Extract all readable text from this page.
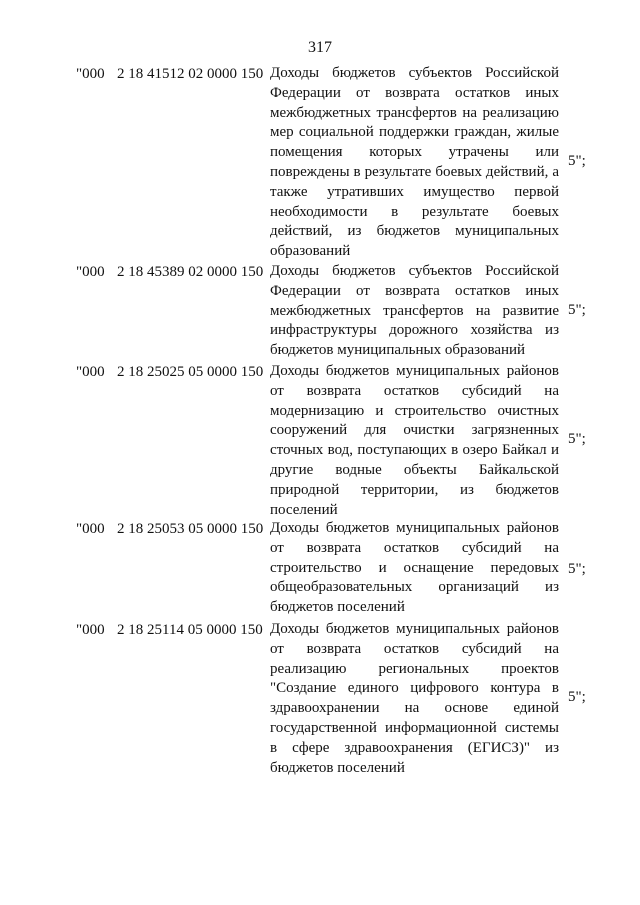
317
"000 2 18 41512 02 0000 150 Доходы бюджетов субъектов Российской
Федерации от возврата остатков иных
межбюджетных трансфертов на реализацию
мер социальной поддержки граждан, жилые
помещения которых утрачены или
повреждены в результате боевых действий, а
также утративших имущество первой
необходимости в результате боевых
действий, из бюджетов муниципальных
образований
5";
"000 2 18 45389 02 0000 150 Доходы бюджетов субъектов Российской
Федерации от возврата остатков иных
межбюджетных трансфертов на развитие
инфраструктуры дорожного хозяйства из
бюджетов муниципальных образований
5";
"000 2 18 25025 05 0000 150 Доходы бюджетов муниципальных районов
от возврата остатков субсидий на
модернизацию и строительство очистных
сооружений для очистки загрязненных
сточных вод, поступающих в озеро Байкал и
другие водные объекты Байкальской
природной территории, из бюджетов
поселений
5";
"000 2 18 25053 05 0000 150 Доходы бюджетов муниципальных районов
от возврата остатков субсидий на
строительство и оснащение передовых
общеобразовательных организаций из
бюджетов поселений
5";
"000 2 18 25114 05 0000 150 Доходы бюджетов муниципальных районов
от возврата остатков субсидий на
реализацию региональных проектов
"Создание единого цифрового контура в
здравоохранении на основе единой
государственной информационной системы
в сфере здравоохранения (ЕГИСЗ)" из
бюджетов поселений
5";
